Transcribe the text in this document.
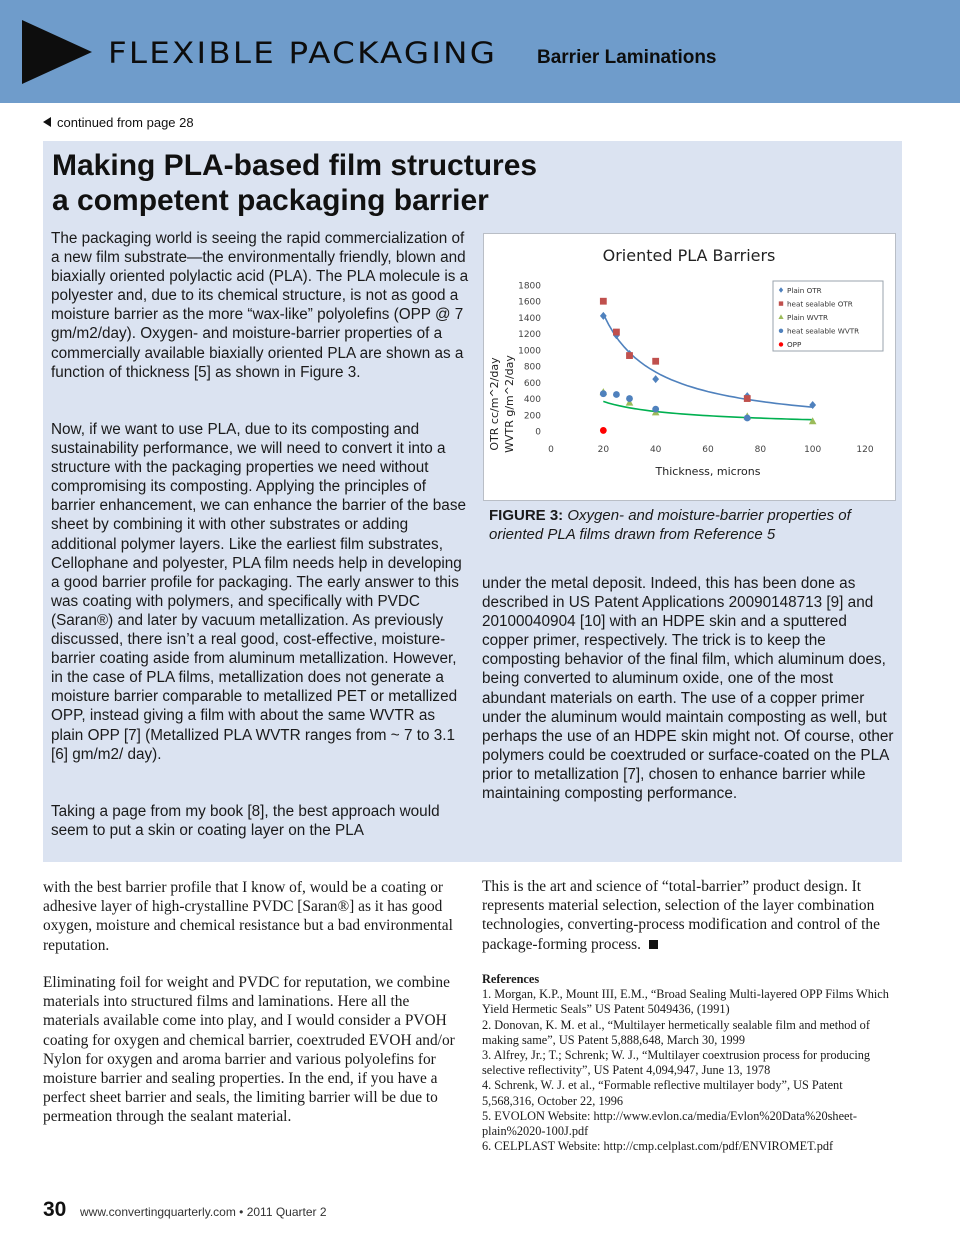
FLEXIBLE PACKAGING Barrier Laminations
continued from page 28
Making PLA-based film structures
a competent packaging barrier
The packaging world is seeing the rapid commercialization of a new film substrate—the environmentally friendly, blown and biaxially oriented polylactic acid (PLA). The PLA molecule is a polyester and, due to its chemical structure, is not as good a moisture barrier as the more “wax-like” polyolefins (OPP @ 7 gm/m2/day). Oxygen- and moisture-barrier properties of a commercially available biaxially oriented PLA are shown as a function of thickness [5] as shown in Figure 3.
Now, if we want to use PLA, due to its composting and sustainability performance, we will need to convert it into a structure with the packaging properties we need without compromising its composting. Applying the principles of barrier enhancement, we can enhance the barrier of the base sheet by combining it with other substrates or adding additional polymer layers. Like the earliest film substrates, Cellophane and polyester, PLA film needs help in developing a good barrier profile for packaging. The early answer to this was coating with polymers, and specifically with PVDC (Saran®) and later by vacuum metallization. As previously discussed, there isn’t a real good, cost-effective, moisture-barrier coating aside from aluminum metallization. However, in the case of PLA films, metallization does not generate a moisture barrier comparable to metallized PET or metallized OPP, instead giving a film with about the same WVTR as plain OPP [7] (Metallized PLA WVTR ranges from ~ 7 to 3.1 [6] gm/m2/ day).
Taking a page from my book [8], the best approach would seem to put a skin or coating layer on the PLA
Oriented PLA Barriers
OTR cc/m^2/day WVTR g/m^2/day
Thickness, microns
0
200
400
600
800
1000
1200
1400
1600
1800
0	20	40	60	80	100	120
Plain OTR
heat sealable OTR
Plain WVTR
heat sealable WVTR
OPP
FIGURE 3: Oxygen- and moisture-barrier properties of oriented PLA films drawn from Reference 5
under the metal deposit. Indeed, this has been done as described in US Patent Applications 20090148713 [9] and 20100040904 [10] with an HDPE skin and a sputtered copper primer, respectively. The trick is to keep the composting behavior of the final film, which aluminum does, being converted to aluminum oxide, one of the most abundant materials on earth. The use of a copper primer under the aluminum would maintain composting as well, but perhaps the use of an HDPE skin might not. Of course, other polymers could be coextruded or surface-coated on the PLA prior to metallization [7], chosen to enhance barrier while maintaining composting performance.
with the best barrier profile that I know of, would be a coating or adhesive layer of high-crystalline PVDC [Saran®] as it has good oxygen, moisture and chemical resistance but a bad environmental reputation.
Eliminating foil for weight and PVDC for reputation, we combine materials into structured films and laminations. Here all the materials available come into play, and I would consider a PVOH coating for oxygen and chemical barrier, coextruded EVOH and/or Nylon for oxygen and aroma barrier and various polyolefins for moisture barrier and sealing properties. In the end, if you have a perfect sheet barrier and seals, the limiting barrier will be due to permeation through the sealant material.
This is the art and science of “total-barrier” product design. It represents material selection, selection of the layer combination technologies, converting-process modification and control of the package-forming process.
References
1. Morgan, K.P., Mount III, E.M., “Broad Sealing Multi-layered OPP Films Which Yield Hermetic Seals” US Patent 5049436, (1991)
2. Donovan, K. M. et al., “Multilayer hermetically sealable film and method of making same”, US Patent 5,888,648, March 30, 1999
3. Alfrey, Jr.; T.; Schrenk; W. J., “Multilayer coextrusion process for producing selective reflectivity”, US Patent 4,094,947, June 13, 1978
4. Schrenk, W. J. et al., “Formable reflective multilayer body”, US Patent 5,568,316, October 22, 1996
5. EVOLON Website: http://www.evlon.ca/media/Evlon%20Data%20sheet-plain%2020-100J.pdf
6. CELPLAST Website: http://cmp.celplast.com/pdf/ENVIROMET.pdf
30 www.convertingquarterly.com • 2011 Quarter 2
